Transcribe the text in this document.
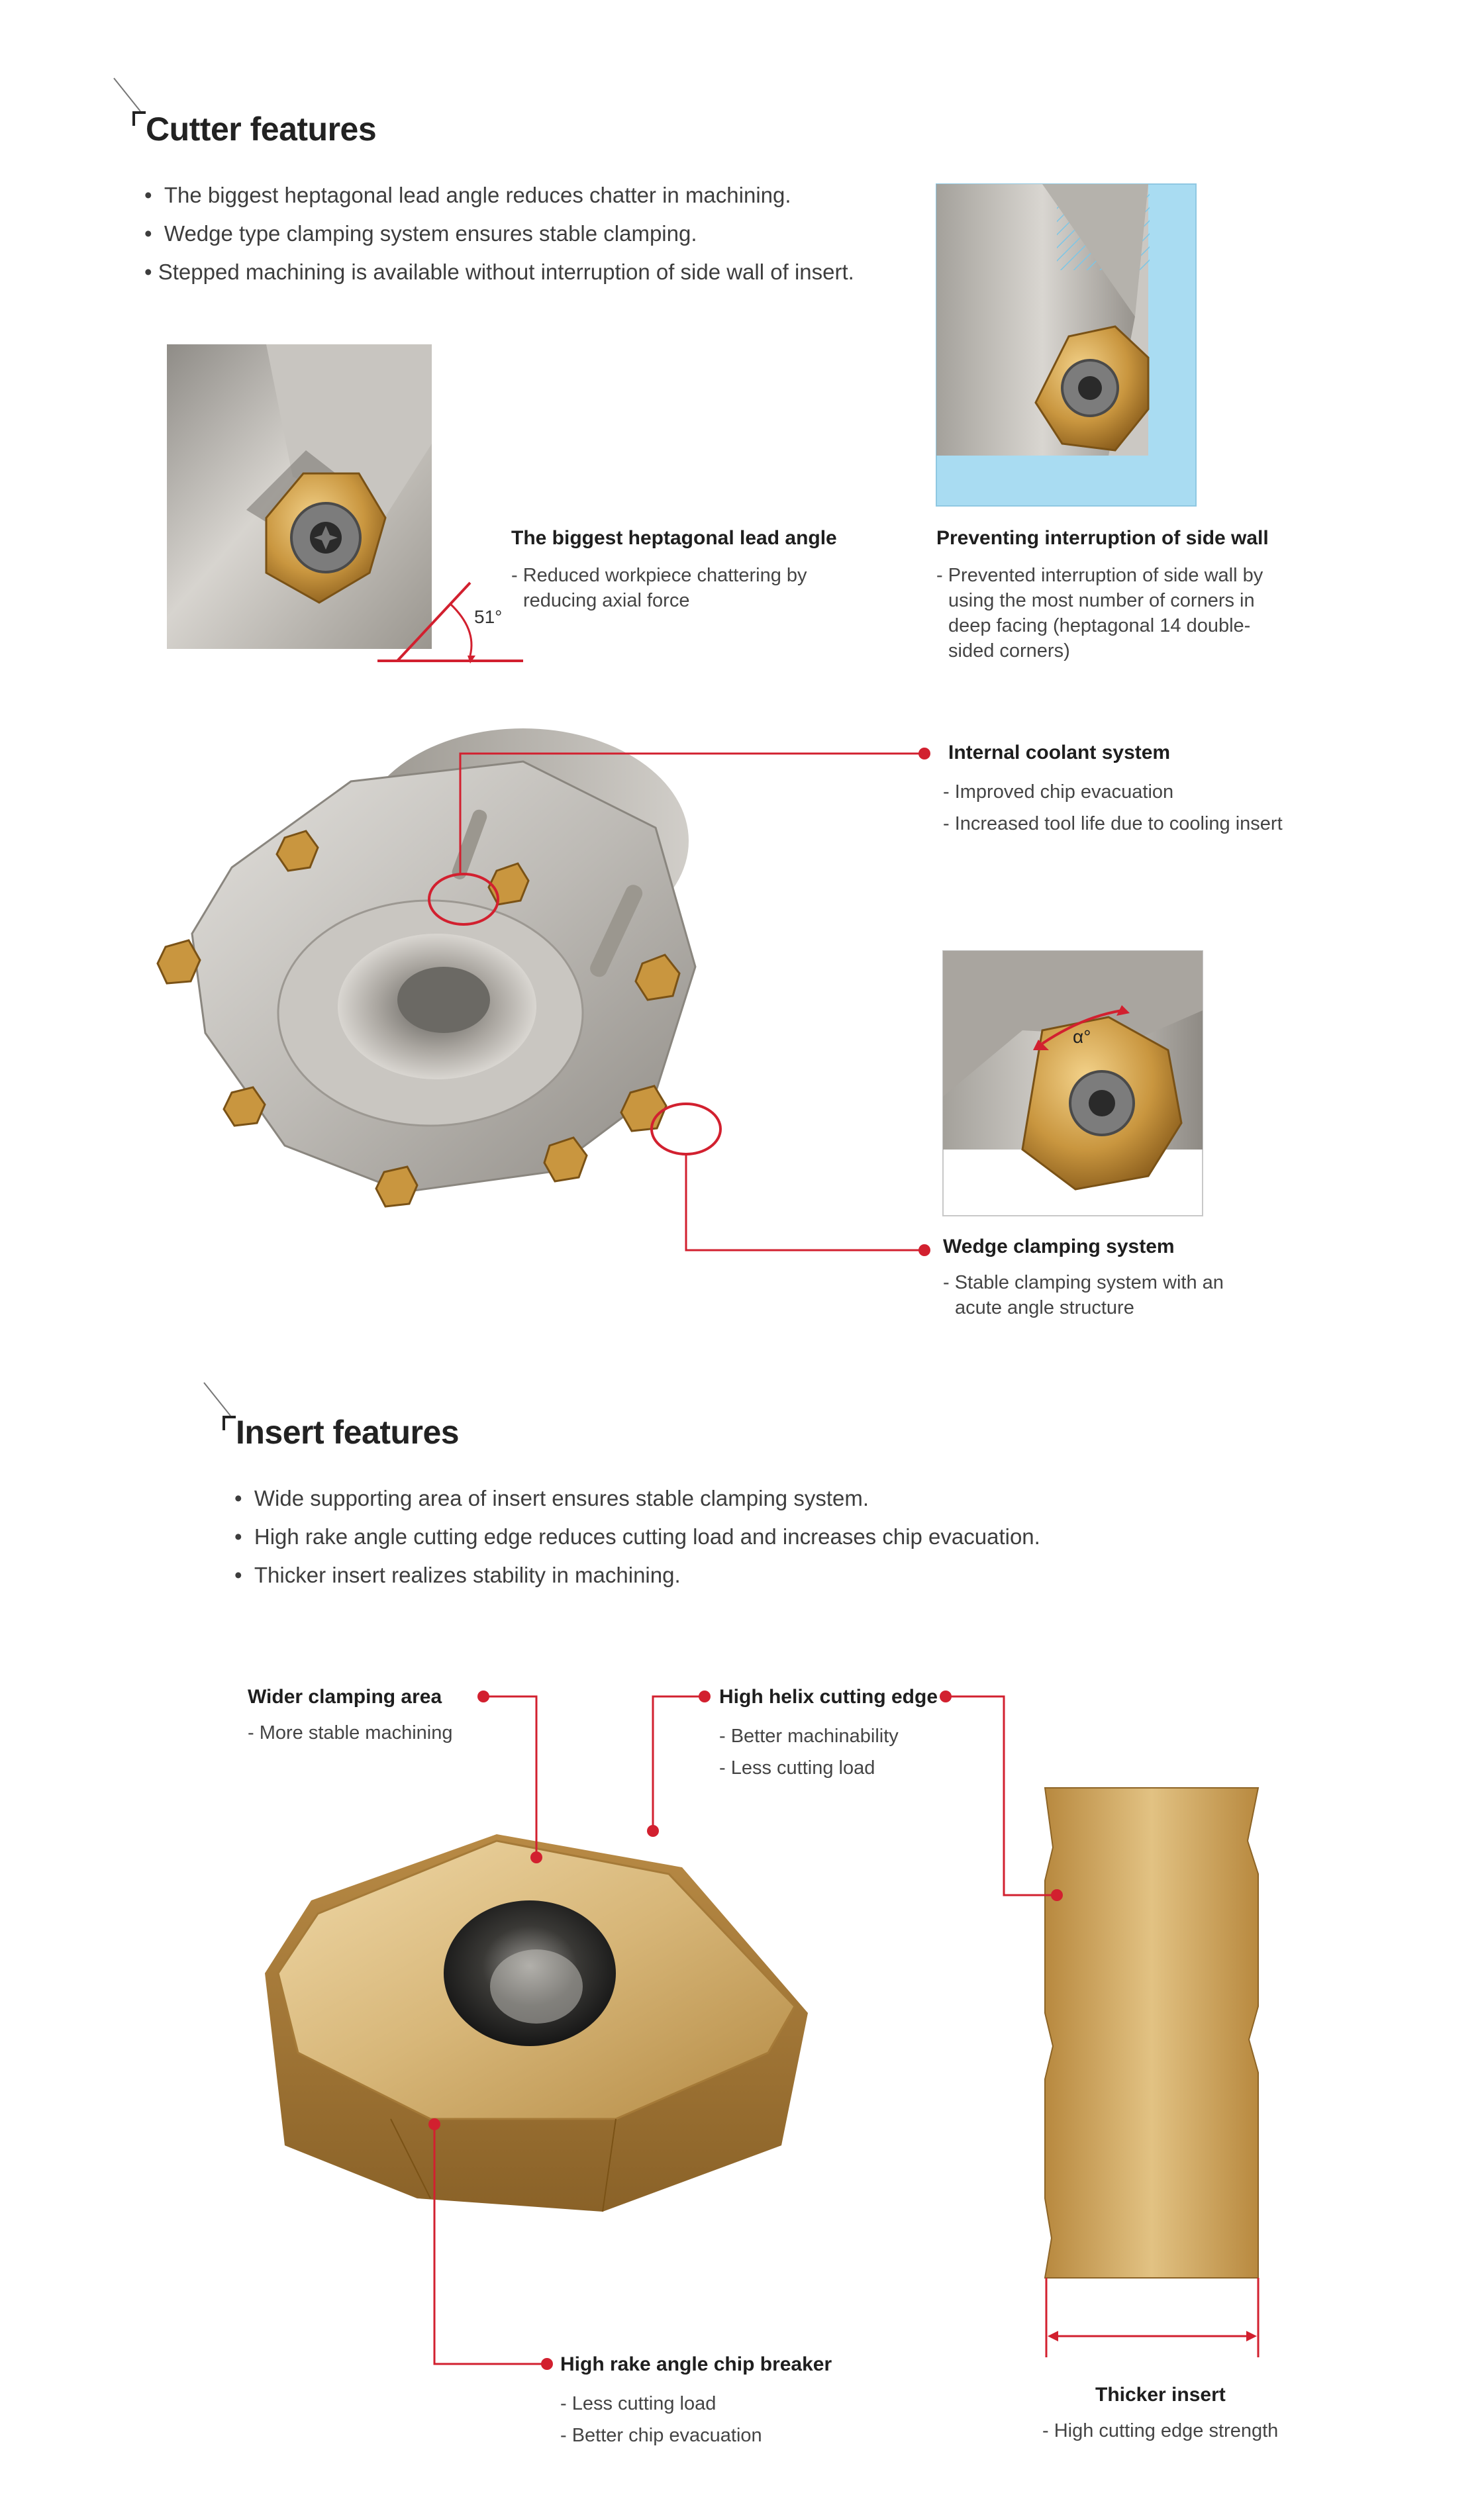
Cutter features
•  The biggest heptagonal lead angle reduces chatter in machining.
•  Wedge type clamping system ensures stable clamping.
• Stepped machining is available without interruption of side wall of insert.
51°
The biggest heptagonal lead angle
- Reduced workpiece chattering by
reducing axial force
Preventing interruption of side wall
- Prevented interruption of side wall by
using the most number of corners in
deep facing (heptagonal 14 double-
sided corners)
Internal coolant system
- Improved chip evacuation
- Increased tool life due to cooling insert
α°
Wedge clamping system
- Stable clamping system with an
acute angle structure
Insert features
•  Wide supporting area of insert ensures stable clamping system.
•  High rake angle cutting edge reduces cutting load and increases chip evacuation.
•  Thicker insert realizes stability in machining.
Wider clamping area
- More stable machining
High helix cutting edge
- Better machinability
- Less cutting load
High rake angle chip breaker
- Less cutting load
- Better chip evacuation
Thicker insert
- High cutting edge strength
